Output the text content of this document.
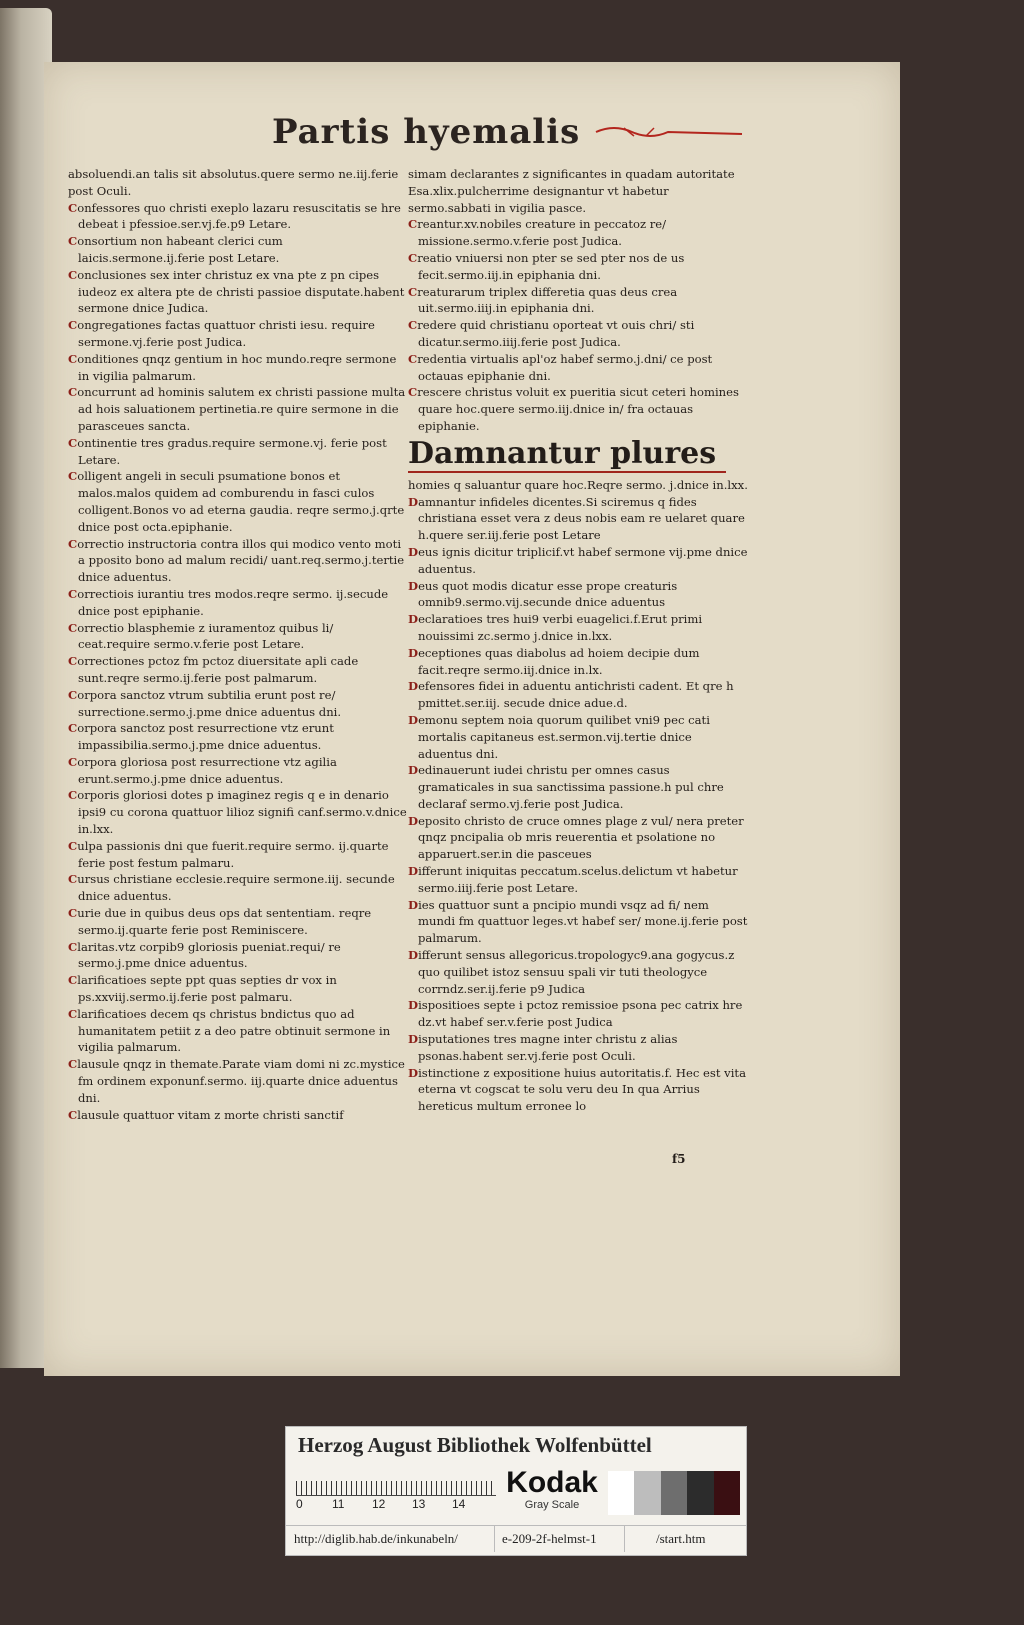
Partis hyemalis

absoluendi.an talis sit absolutus.quere sermo ne.iij.ferie post Oculi.

Confessores quo christi exeplo lazaru resuscitatis se hre debeat i pfessioe.ser.vj.fe.p9 Letare.

Consortium non habeant clerici cum laicis.sermone.ij.ferie post Letare.

Conclusiones sex inter christuz ex vna pte z pn cipes iudeoz ex altera pte de christi passioe disputate.habent sermone dnice Judica.

Congregationes factas quattuor christi iesu. require sermone.vj.ferie post Judica.

Conditiones qnqz gentium in hoc mundo.reqre sermone in vigilia palmarum.

Concurrunt ad hominis salutem ex christi passione multa ad hois saluationem pertinetia.re quire sermone in die parasceues sancta.

Continentie tres gradus.require sermone.vj. ferie post Letare.

Colligent angeli in seculi psumatione bonos et malos.malos quidem ad comburendu in fasci culos colligent.Bonos vo ad eterna gaudia. reqre sermo.j.qrte dnice post octa.epiphanie.

Correctio instructoria contra illos qui modico vento moti a pposito bono ad malum recidi/ uant.req.sermo.j.tertie dnice aduentus.

Correctiois iurantiu tres modos.reqre sermo. ij.secude dnice post epiphanie.

Correctio blasphemie z iuramentoz quibus li/ ceat.require sermo.v.ferie post Letare.

Correctiones pctoz fm pctoz diuersitate apli cade sunt.reqre sermo.ij.ferie post palmarum.

Corpora sanctoz vtrum subtilia erunt post re/ surrectione.sermo.j.pme dnice aduentus dni.

Corpora sanctoz post resurrectione vtz erunt impassibilia.sermo.j.pme dnice aduentus.

Corpora gloriosa post resurrectione vtz agilia erunt.sermo.j.pme dnice aduentus.

Corporis gloriosi dotes p imaginez regis q e in denario ipsi9 cu corona quattuor lilioz signifi canf.sermo.v.dnice in.lxx.

Culpa passionis dni que fuerit.require sermo. ij.quarte ferie post festum palmaru.

Cursus christiane ecclesie.require sermone.iij. secunde dnice aduentus.

Curie due in quibus deus ops dat sententiam. reqre sermo.ij.quarte ferie post Reminiscere.

Claritas.vtz corpib9 gloriosis pueniat.requi/ re sermo.j.pme dnice aduentus.

Clarificatioes septe ppt quas septies dr vox in ps.xxviij.sermo.ij.ferie post palmaru.

Clarificatioes decem qs christus bndictus quo ad humanitatem petiit z a deo patre obtinuit sermone in vigilia palmarum.

Clausule qnqz in themate.Parate viam domi ni zc.mystice fm ordinem exponunf.sermo. iij.quarte dnice aduentus dni.

Clausule quattuor vitam z morte christi sanctif

simam declarantes z significantes in quadam autoritate Esa.xlix.pulcherrime designantur vt habetur sermo.sabbati in vigilia pasce.

Creantur.xv.nobiles creature in peccatoz re/ missione.sermo.v.ferie post Judica.

Creatio vniuersi non pter se sed pter nos de us fecit.sermo.iij.in epiphania dni.

Creaturarum triplex differetia quas deus crea uit.sermo.iiij.in epiphania dni.

Credere quid christianu oporteat vt ouis chri/ sti dicatur.sermo.iiij.ferie post Judica.

Credentia virtualis apl'oz habef sermo.j.dni/ ce post octauas epiphanie dni.

Crescere christus voluit ex pueritia sicut ceteri homines quare hoc.quere sermo.iij.dnice in/ fra octauas epiphanie.

Damnantur plures

homies q saluantur quare hoc.Reqre sermo. j.dnice in.lxx.

Damnantur infideles dicentes.Si sciremus q fides christiana esset vera z deus nobis eam re uelaret quare h.quere ser.iij.ferie post Letare

Deus ignis dicitur triplicif.vt habef sermone vij.pme dnice aduentus.

Deus quot modis dicatur esse prope creaturis omnib9.sermo.vij.secunde dnice aduentus

Declaratioes tres hui9 verbi euagelici.f.Erut primi nouissimi zc.sermo j.dnice in.lxx.

Deceptiones quas diabolus ad hoiem decipie dum facit.reqre sermo.iij.dnice in.lx.

Defensores fidei in aduentu antichristi cadent. Et qre h pmittet.ser.iij. secude dnice adue.d.

Demonu septem noia quorum quilibet vni9 pec cati mortalis capitaneus est.sermon.vij.tertie dnice aduentus dni.

Dedinauerunt iudei christu per omnes casus gramaticales in sua sanctissima passione.h pul chre declaraf sermo.vj.ferie post Judica.

Deposito christo de cruce omnes plage z vul/ nera preter qnqz pncipalia ob mris reuerentia et psolatione no apparuert.ser.in die pasceues

Differunt iniquitas peccatum.scelus.delictum vt habetur sermo.iiij.ferie post Letare.

Dies quattuor sunt a pncipio mundi vsqz ad fi/ nem mundi fm quattuor leges.vt habef ser/ mone.ij.ferie post palmarum.

Differunt sensus allegoricus.tropologyc9.ana gogycus.z quo quilibet istoz sensuu spali vir tuti theologyce corrndz.ser.ij.ferie p9 Judica

Dispositioes septe i pctoz remissioe psona pec catrix hre dz.vt habef ser.v.ferie post Judica

Disputationes tres magne inter christu z alias psonas.habent ser.vj.ferie post Oculi.

Distinctione z expositione huius autoritatis.f. Hec est vita eterna vt cogscat te solu veru deu In qua Arrius hereticus multum erronee lo

f5
Herzog August Bibliothek Wolfenbüttel
0 11 12 13 14
Kodak
Gray Scale
http://diglib.hab.de/inkunabeln/	e-209-2f-helmst-1	/start.htm
